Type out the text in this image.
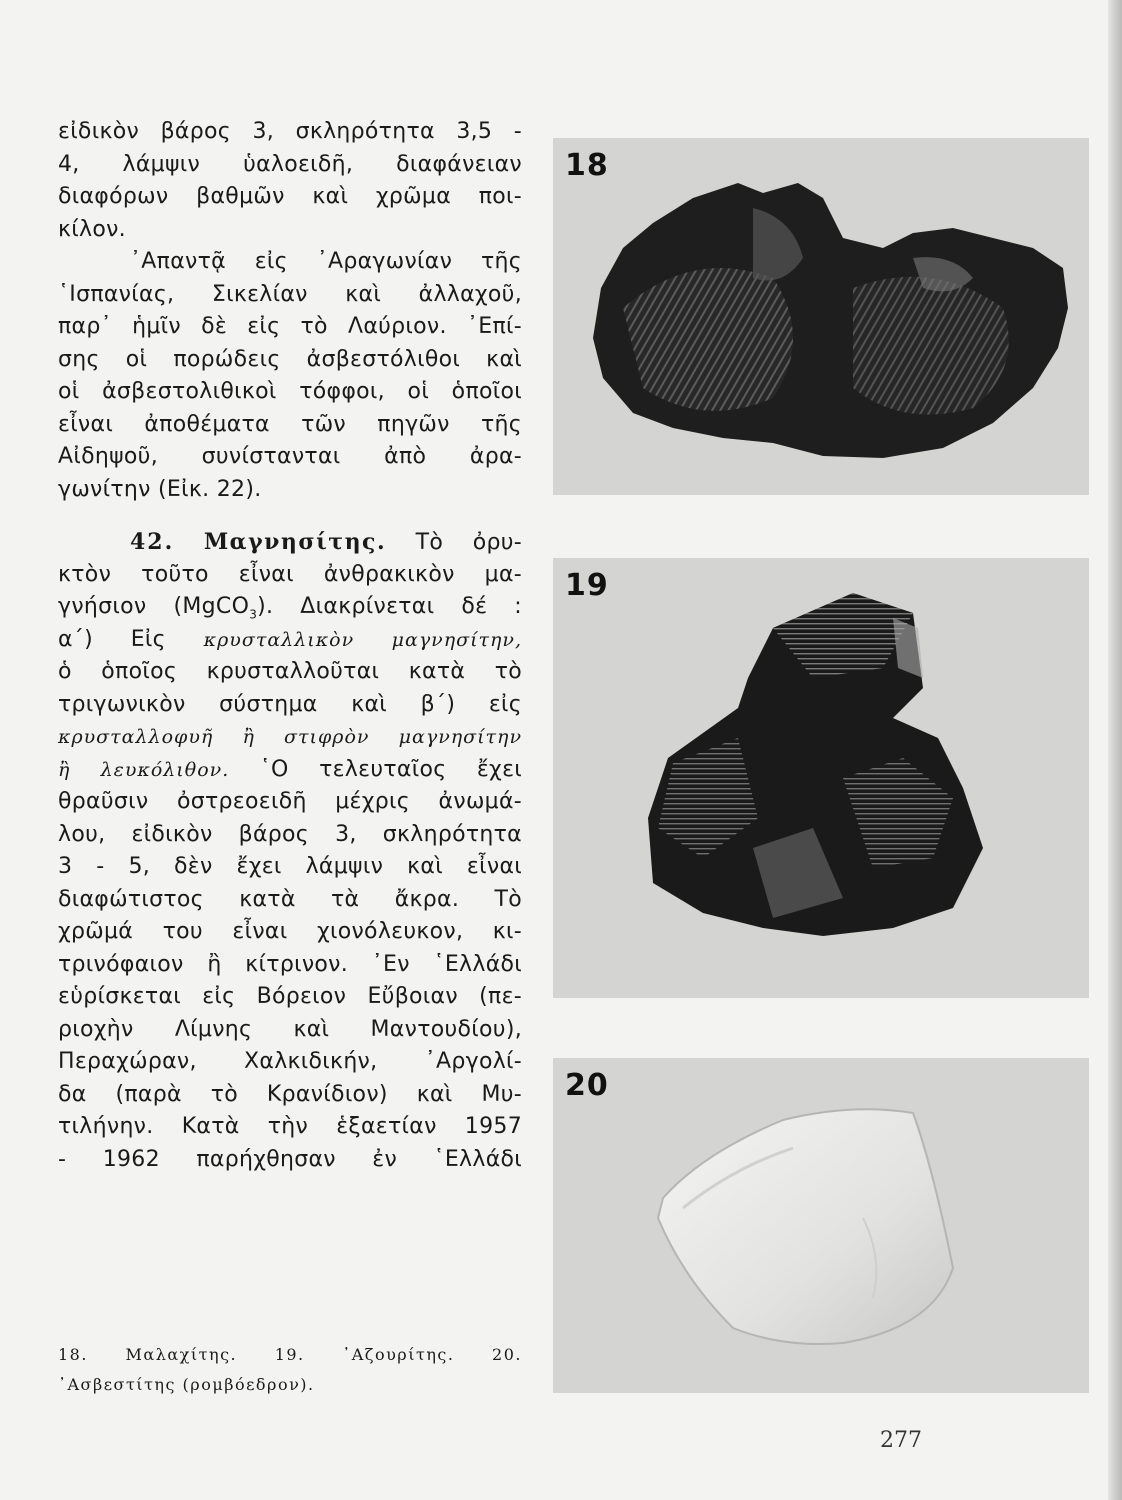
εἰδικὸν βάρος 3, σκληρότητα 3,5 -
4, λάμψιν ὑαλοειδῆ, διαφάνειαν
διαφόρων βαθμῶν καὶ χρῶμα ποι-
κίλον.
᾿Απαντᾷ εἰς ᾿Αραγωνίαν τῆς
῾Ισπανίας, Σικελίαν καὶ ἀλλαχοῦ,
παρ᾿ ἡμῖν δὲ εἰς τὸ Λαύριον. ᾿Επί-
σης οἱ πορώδεις ἀσβεστόλιθοι καὶ
οἱ ἀσβεστολιθικοὶ τόφφοι, οἱ ὁποῖοι
εἶναι ἀποθέματα τῶν πηγῶν τῆς
Αἰδηψοῦ, συνίστανται ἀπὸ ἀρα-
γωνίτην (Εἰκ. 22).
42. Μαγνησίτης. Τὸ ὀρυ-
κτὸν τοῦτο εἶναι ἀνθρακικὸν μα-
γνήσιον (MgCO$_3$). Διακρίνεται δέ :
α´) Εἰς κρυσταλλικὸν μαγνησίτην,
ὁ ὁποῖος κρυσταλλοῦται κατὰ τὸ
τριγωνικὸν σύστημα καὶ β´) εἰς
κρυσταλλοφυῆ ἢ στιφρὸν μαγνησίτην
ἢ λευκόλιθον. ῾Ο τελευταῖος ἔχει
θραῦσιν ὀστρεοειδῆ μέχρις ἀνωμά-
λου, εἰδικὸν βάρος 3, σκληρότητα
3 - 5, δὲν ἔχει λάμψιν καὶ εἶναι
διαφώτιστος κατὰ τὰ ἄκρα. Τὸ
χρῶμά του εἶναι χιονόλευκον, κι-
τρινόφαιον ἢ κίτρινον. ᾿Εν ῾Ελλάδι
εὑρίσκεται εἰς Βόρειον Εὔβοιαν (πε-
ριοχὴν Λίμνης καὶ Μαντουδίου),
Περαχώραν, Χαλκιδικήν, ᾿Αργολί-
δα (παρὰ τὸ Κρανίδιον) καὶ Μυ-
τιλήνην. Κατὰ τὴν ἑξαετίαν 1957
- 1962 παρήχθησαν ἐν ῾Ελλάδι
18. Μαλαχίτης. 19. ᾿Αζουρίτης. 20.
᾿Ασβεστίτης (ρομβόεδρον).
18
19
20
277
